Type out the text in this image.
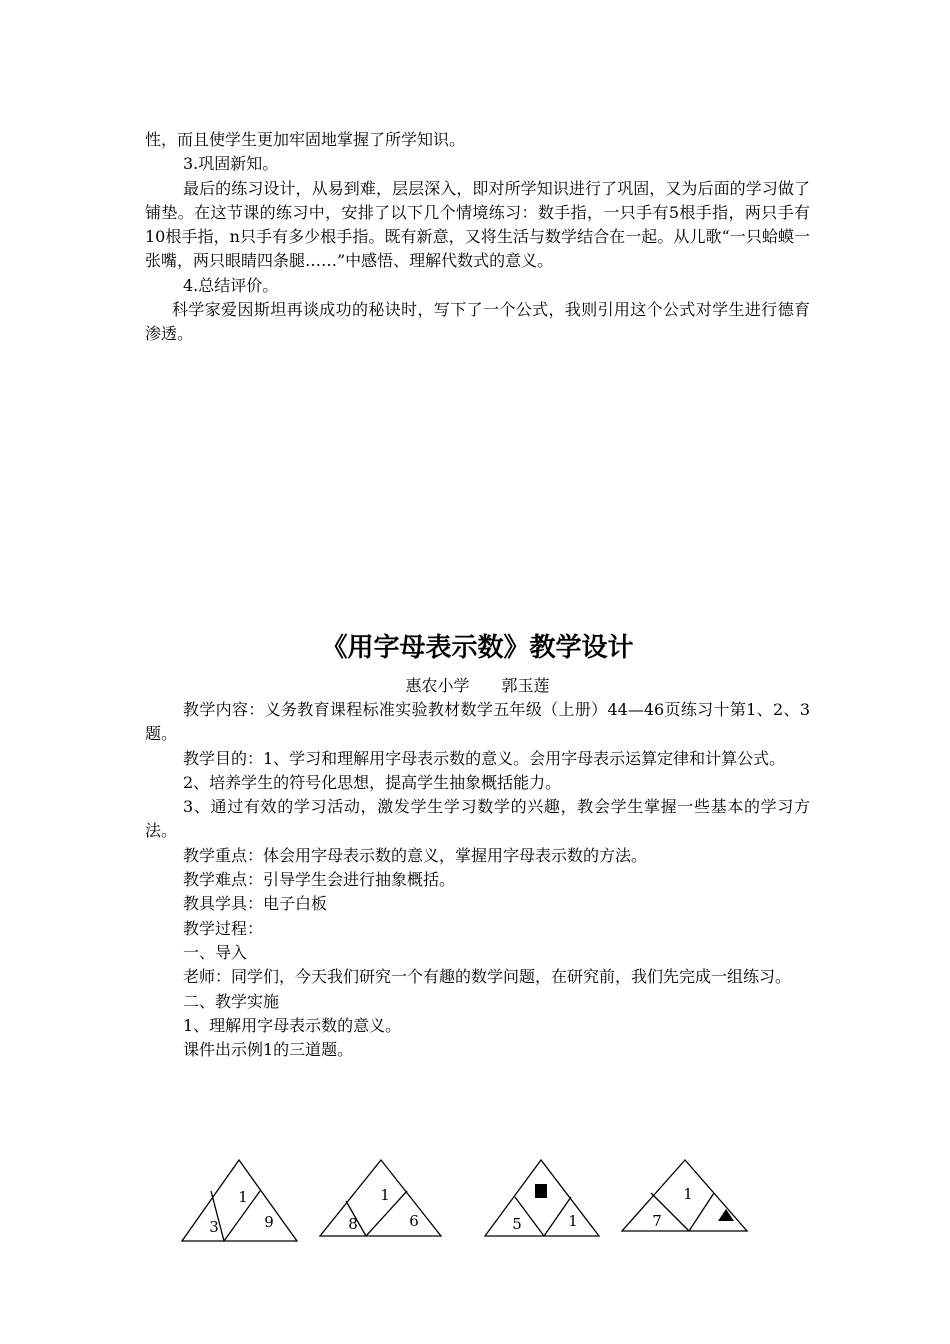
性，而且使学生更加牢固地掌握了所学知识。

3.巩固新知。

最后的练习设计，从易到难，层层深入，即对所学知识进行了巩固，又为后面的学习做了铺垫。在这节课的练习中，安排了以下几个情境练习：数手指，一只手有5根手指，两只手有10根手指，n只手有多少根手指。既有新意，又将生活与数学结合在一起。从儿歌“一只蛤蟆一张嘴，两只眼睛四条腿……”中感悟、理解代数式的意义。

4.总结评价。

科学家爱因斯坦再谈成功的秘诀时，写下了一个公式，我则引用这个公式对学生进行德育渗透。

《用字母表示数》教学设计

惠农小学 郭玉莲

教学内容：义务教育课程标准实验教材数学五年级（上册）44—46页练习十第1、2、3题。

教学目的：1、学习和理解用字母表示数的意义。会用字母表示运算定律和计算公式。

2、培养学生的符号化思想，提高学生抽象概括能力。

3、通过有效的学习活动，激发学生学习数学的兴趣，教会学生掌握一些基本的学习方法。

教学重点：体会用字母表示数的意义，掌握用字母表示数的方法。

教学难点：引导学生会进行抽象概括。

教具学具：电子白板

教学过程：

一、导入

老师：同学们，今天我们研究一个有趣的数学问题，在研究前，我们先完成一组练习。

二、教学实施

1、理解用字母表示数的意义。

课件出示例1的三道题。

1
3	9
1
8	6	5	1
1
7
